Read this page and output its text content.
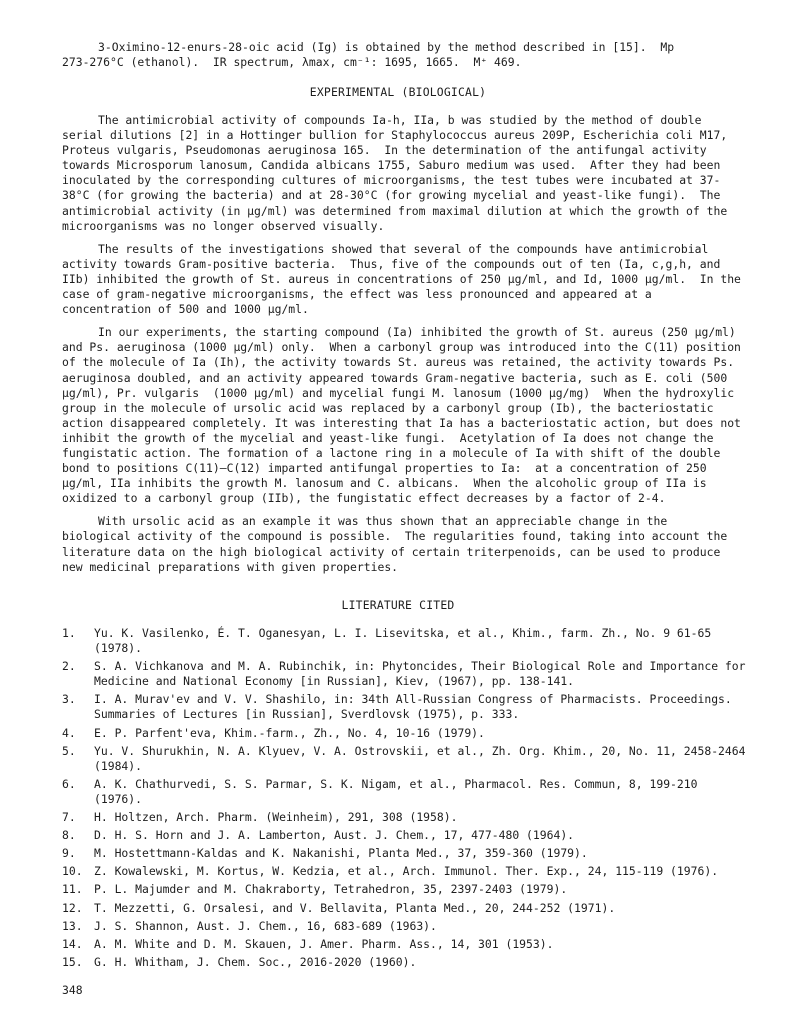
3-Oximino-12-enurs-28-oic acid (Ig) is obtained by the method described in [15].  Mp

273-276°C (ethanol).  IR spectrum, λmax, cm⁻¹: 1695, 1665.  M⁺ 469.

EXPERIMENTAL (BIOLOGICAL)

The antimicrobial activity of compounds Ia-h, IIa, b was studied by the method of double serial dilutions [2] in a Hottinger bullion for Staphylococcus aureus 209P, Escherichia coli M17, Proteus vulgaris, Pseudomonas aeruginosa 165.  In the determination of the antifungal activity towards Microsporum lanosum, Candida albicans 1755, Saburo medium was used.  After they had been inoculated by the corresponding cultures of microorganisms, the test tubes were incubated at 37-38°C (for growing the bacteria) and at 28-30°C (for growing mycelial and yeast-like fungi).  The antimicrobial activity (in μg/ml) was determined from maximal dilution at which the growth of the microorganisms was no longer observed visually.

The results of the investigations showed that several of the compounds have antimicrobial activity towards Gram-positive bacteria.  Thus, five of the compounds out of ten (Ia, c,g,h, and IIb) inhibited the growth of St. aureus in concentrations of 250 μg/ml, and Id, 1000 μg/ml.  In the case of gram-negative microorganisms, the effect was less pronounced and appeared at a concentration of 500 and 1000 μg/ml.

In our experiments, the starting compound (Ia) inhibited the growth of St. aureus (250 μg/ml) and Ps. aeruginosa (1000 μg/ml) only.  When a carbonyl group was introduced into the C(11) position of the molecule of Ia (Ih), the activity towards St. aureus was retained, the activity towards Ps. aeruginosa doubled, and an activity appeared towards Gram-negative bacteria, such as E. coli (500 μg/ml), Pr. vulgaris  (1000 μg/ml) and mycelial fungi M. lanosum (1000 μg/mg)  When the hydroxylic group in the molecule of ursolic acid was replaced by a carbonyl group (Ib), the bacteriostatic action disappeared completely. It was interesting that Ia has a bacteriostatic action, but does not inhibit the growth of the mycelial and yeast-like fungi.  Acetylation of Ia does not change the fungistatic action. The formation of a lactone ring in a molecule of Ia with shift of the double bond to positions C(11)—C(12) imparted antifungal properties to Ia:  at a concentration of 250 μg/ml, IIa inhibits the growth M. lanosum and C. albicans.  When the alcoholic group of IIa is oxidized to a carbonyl group (IIb), the fungistatic effect decreases by a factor of 2-4.

With ursolic acid as an example it was thus shown that an appreciable change in the biological activity of the compound is possible.  The regularities found, taking into account the literature data on the high biological activity of certain triterpenoids, can be used to produce new medicinal preparations with given properties.

LITERATURE CITED
1.	Yu. K. Vasilenko, É. T. Oganesyan, L. I. Lisevitska, et al., Khim., farm. Zh., No. 9 61-65 (1978).
2.	S. A. Vichkanova and M. A. Rubinchik, in: Phytoncides, Their Biological Role and Importance for Medicine and National Economy [in Russian], Kiev, (1967), pp. 138-141.
3.	I. A. Murav'ev and V. V. Shashilo, in: 34th All-Russian Congress of Pharmacists. Proceedings. Summaries of Lectures [in Russian], Sverdlovsk (1975), p. 333.
4.	E. P. Parfent'eva, Khim.-farm., Zh., No. 4, 10-16 (1979).
5.	Yu. V. Shurukhin, N. A. Klyuev, V. A. Ostrovskii, et al., Zh. Org. Khim., 20, No. 11, 2458-2464 (1984).
6.	A. K. Chathurvedi, S. S. Parmar, S. K. Nigam, et al., Pharmacol. Res. Commun, 8, 199-210 (1976).
7.	H. Holtzen, Arch. Pharm. (Weinheim), 291, 308 (1958).
8.	D. H. S. Horn and J. A. Lamberton, Aust. J. Chem., 17, 477-480 (1964).
9.	M. Hostettmann-Kaldas and K. Nakanishi, Planta Med., 37, 359-360 (1979).
10.	Z. Kowalewski, M. Kortus, W. Kedzia, et al., Arch. Immunol. Ther. Exp., 24, 115-119 (1976).
11.	P. L. Majumder and M. Chakraborty, Tetrahedron, 35, 2397-2403 (1979).
12.	T. Mezzetti, G. Orsalesi, and V. Bellavita, Planta Med., 20, 244-252 (1971).
13.	J. S. Shannon, Aust. J. Chem., 16, 683-689 (1963).
14.	A. M. White and D. M. Skauen, J. Amer. Pharm. Ass., 14, 301 (1953).
15.	G. H. Whitham, J. Chem. Soc., 2016-2020 (1960).
348
